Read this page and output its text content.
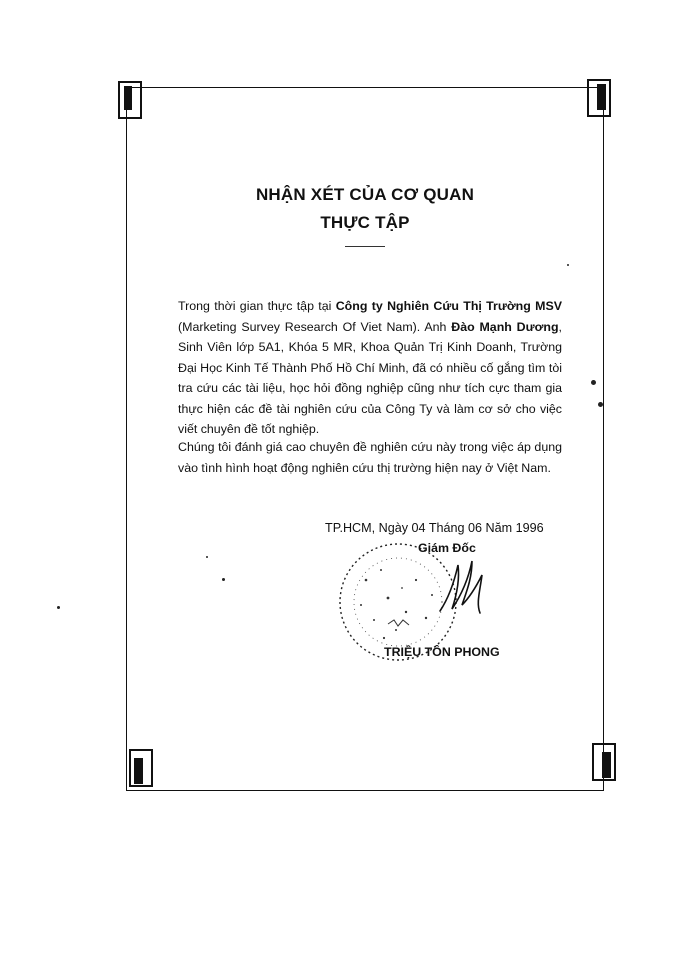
NHẬN XÉT CỦA CƠ QUAN
THỰC TẬP
Trong thời gian thực tập tại Công ty Nghiên Cứu Thị Trường MSV (Marketing Survey Research Of Viet Nam). Anh Đào Mạnh Dương, Sinh Viên lớp 5A1, Khóa 5 MR, Khoa Quản Trị Kinh Doanh, Trường Đại Học Kinh Tế Thành Phố Hồ Chí Minh, đã có nhiều cố gắng tìm tòi tra cứu các tài liệu, học hỏi đồng nghiệp cũng như tích cực tham gia thực hiện các đề tài nghiên cứu của Công Ty và làm cơ sở cho việc viết chuyên đề tốt nghiệp.
Chúng tôi đánh giá cao chuyên đề nghiên cứu này trong việc áp dụng vào tình hình hoạt động nghiên cứu thị trường hiện nay ở Việt Nam.
TP.HCM, Ngày 04 Tháng 06 Năm 1996
Giám Đốc
TRIỆU TÔN PHONG
